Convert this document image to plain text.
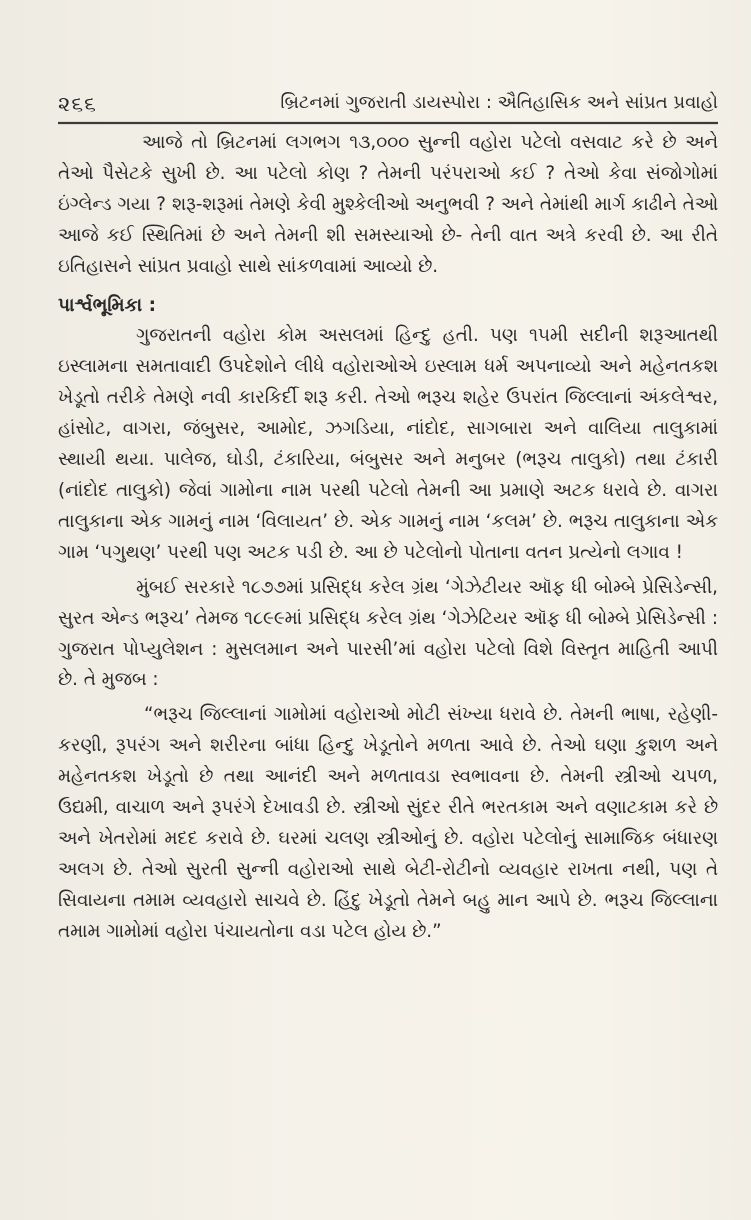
૨૬૬	બ્રિટનમાં ગુજરાતી ડાયસ્પોરા : ઐતિહાસિક અને સાંપ્રત પ્રવાહો

આજે તો બ્રિટનમાં લગભગ ૧૩,૦૦૦ સુન્ની વહોરા પટેલો વસવાટ કરે છે અને તેઓ પૈસેટકે સુખી છે. આ પટેલો કોણ ? તેમની પરંપરાઓ કઈ ? તેઓ કેવા સંજોગોમાં ઇંગ્લેન્ડ ગયા ? શરૂ-શરૂમાં તેમણે કેવી મુશ્કેલીઓ અનુભવી ? અને તેમાંથી માર્ગ કાઢીને તેઓ આજે કઈ સ્થિતિમાં છે અને તેમની શી સમસ્યાઓ છે- તેની વાત અત્રે કરવી છે. આ રીતે ઇતિહાસને સાંપ્રત પ્રવાહો સાથે સાંકળવામાં આવ્યો છે.

પાર્શ્વભૂમિકા :

ગુજરાતની વહોરા કોમ અસલમાં હિન્દુ હતી. પણ ૧૫મી સદીની શરૂઆતથી ઇસ્લામના સમતાવાદી ઉપદેશોને લીધે વહોરાઓએ ઇસ્લામ ધર્મ અપનાવ્યો અને મહેનતકશ ખેડૂતો તરીકે તેમણે નવી કારકિર્દી શરૂ કરી. તેઓ ભરૂચ શહેર ઉપરાંત જિલ્લાનાં અંકલેશ્વર, હાંસોટ, વાગરા, જંબુસર, આમોદ, ઝગડિયા, નાંદોદ, સાગબારા અને વાલિયા તાલુકામાં સ્થાયી થયા. પાલેજ, ઘોડી, ટંકારિયા, બંબુસર અને મનુબર (ભરૂચ તાલુકો) તથા ટંકારી (નાંદોદ તાલુકો) જેવાં ગામોના નામ પરથી પટેલો તેમની આ પ્રમાણે અટક ધરાવે છે. વાગરા તાલુકાના એક ગામનું નામ ‘વિલાયત’ છે. એક ગામનું નામ ‘કલમ’ છે. ભરૂચ તાલુકાના એક ગામ ‘પગુથણ’ પરથી પણ અટક પડી છે. આ છે પટેલોનો પોતાના વતન પ્રત્યેનો લગાવ !

મુંબઈ સરકારે ૧૮૭૭માં પ્રસિદ્ધ કરેલ ગ્રંથ ‘ગેઝેટીયર ઑફ ધી બોમ્બે પ્રેસિડેન્સી, સુરત એન્ડ ભરૂચ’ તેમજ ૧૮૯૯માં પ્રસિદ્ધ કરેલ ગ્રંથ ‘ગેઝેટિયર ઑફ ધી બોમ્બે પ્રેસિડેન્સી : ગુજરાત પોપ્યુલેશન : મુસલમાન અને પારસી’માં વહોરા પટેલો વિશે વિસ્તૃત માહિતી આપી છે. તે મુજબ :

“ભરૂચ જિલ્લાનાં ગામોમાં વહોરાઓ મોટી સંખ્યા ધરાવે છે. તેમની ભાષા, રહેણી-કરણી, રૂપરંગ અને શરીરના બાંધા હિન્દુ ખેડૂતોને મળતા આવે છે. તેઓ ઘણા કુશળ અને મહેનતકશ ખેડૂતો છે તથા આનંદી અને મળતાવડા સ્વભાવના છે. તેમની સ્ત્રીઓ ચપળ, ઉદ્યમી, વાચાળ અને રૂપરંગે દેખાવડી છે. સ્ત્રીઓ સુંદર રીતે ભરતકામ અને વણાટકામ કરે છે અને ખેતરોમાં મદદ કરાવે છે. ઘરમાં ચલણ સ્ત્રીઓનું છે. વહોરા પટેલોનું સામાજિક બંધારણ અલગ છે. તેઓ સુરતી સુન્ની વહોરાઓ સાથે બેટી-રોટીનો વ્યવહાર રાખતા નથી, પણ તે સિવાયના તમામ વ્યવહારો સાચવે છે. હિંદુ ખેડૂતો તેમને બહુ માન આપે છે. ભરૂચ જિલ્લાના તમામ ગામોમાં વહોરા પંચાયતોના વડા પટેલ હોય છે.”
